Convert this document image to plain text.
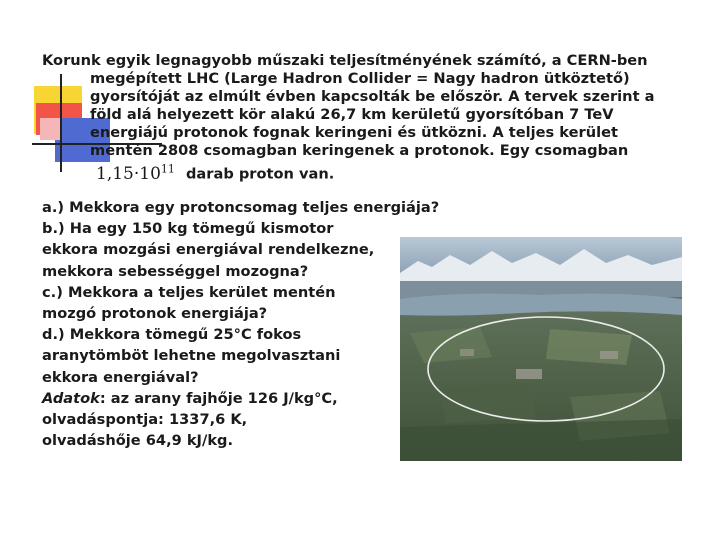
Korunk egyik legnagyobb műszaki teljesítményének számító, a CERN-ben megépített LHC (Large Hadron Collider = Nagy hadron ütköztető) gyorsítóját az elmúlt évben kapcsolták be először. A tervek szerint a föld alá helyezett kör alakú 26,7 km kerületű gyorsítóban 7 TeV energiájú protonok fognak keringeni és ütközni. A teljes kerület mentén 2808 csomagban keringenek a protonok. Egy csomagban $1,15\cdot 10^{11}$ darab proton van.

a.) Mekkora egy protoncsomag teljes energiája?
b.) Ha egy 150 kg tömegű kismotor
ekkora mozgási energiával rendelkezne,
mekkora sebességgel mozogna?
c.) Mekkora a teljes kerület mentén
mozgó protonok energiája?
d.) Mekkora tömegű 25°C fokos
aranytömböt lehetne megolvasztani
ekkora energiával?
Adatok: az arany fajhője 126 J/kg°C,
olvadáspontja: 1337,6 K,
olvadáshője 64,9 kJ/kg.
